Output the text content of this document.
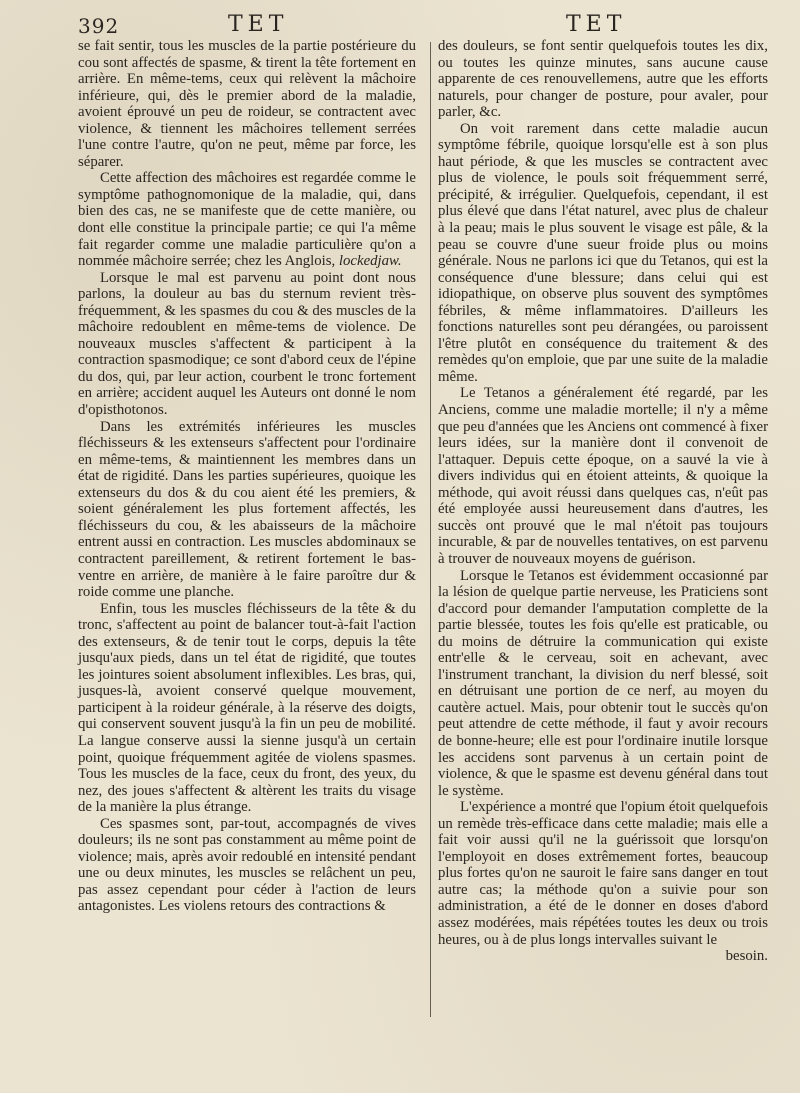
392	TET	TET

se fait sentir, tous les muscles de la partie postérieure du cou sont affectés de spasme, & tirent la tête fortement en arrière. En même-tems, ceux qui relèvent la mâchoire inférieure, qui, dès le premier abord de la maladie, avoient éprouvé un peu de roideur, se contractent avec violence, & tiennent les mâchoires tellement serrées l'une contre l'autre, qu'on ne peut, même par force, les séparer.

Cette affection des mâchoires est regardée comme le symptôme pathognomonique de la maladie, qui, dans bien des cas, ne se manifeste que de cette manière, ou dont elle constitue la principale partie; ce qui l'a même fait regarder comme une maladie particulière qu'on a nommée mâchoire serrée; chez les Anglois, lockedjaw.

Lorsque le mal est parvenu au point dont nous parlons, la douleur au bas du sternum revient très-fréquemment, & les spasmes du cou & des muscles de la mâchoire redoublent en même-tems de violence. De nouveaux muscles s'affectent & participent à la contraction spasmodique; ce sont d'abord ceux de l'épine du dos, qui, par leur action, courbent le tronc fortement en arrière; accident auquel les Auteurs ont donné le nom d'opisthotonos.

Dans les extrémités inférieures les muscles fléchisseurs & les extenseurs s'affectent pour l'ordinaire en même-tems, & maintiennent les membres dans un état de rigidité. Dans les parties supérieures, quoique les extenseurs du dos & du cou aient été les premiers, & soient généralement les plus fortement affectés, les fléchisseurs du cou, & les abaisseurs de la mâchoire entrent aussi en contraction. Les muscles abdominaux se contractent pareillement, & retirent fortement le bas-ventre en arrière, de manière à le faire paroître dur & roide comme une planche.

Enfin, tous les muscles fléchisseurs de la tête & du tronc, s'affectent au point de balancer tout-à-fait l'action des extenseurs, & de tenir tout le corps, depuis la tête jusqu'aux pieds, dans un tel état de rigidité, que toutes les jointures soient absolument inflexibles. Les bras, qui, jusques-là, avoient conservé quelque mouvement, participent à la roideur générale, à la réserve des doigts, qui conservent souvent jusqu'à la fin un peu de mobilité. La langue conserve aussi la sienne jusqu'à un certain point, quoique fréquemment agitée de violens spasmes. Tous les muscles de la face, ceux du front, des yeux, du nez, des joues s'affectent & altèrent les traits du visage de la manière la plus étrange.

Ces spasmes sont, par-tout, accompagnés de vives douleurs; ils ne sont pas constamment au même point de violence; mais, après avoir redoublé en intensité pendant une ou deux minutes, les muscles se relâchent un peu, pas assez cependant pour céder à l'action de leurs antagonistes. Les violens retours des contractions &

des douleurs, se font sentir quelquefois toutes les dix, ou toutes les quinze minutes, sans aucune cause apparente de ces renouvellemens, autre que les efforts naturels, pour changer de posture, pour avaler, pour parler, &c.

On voit rarement dans cette maladie aucun symptôme fébrile, quoique lorsqu'elle est à son plus haut période, & que les muscles se contractent avec plus de violence, le pouls soit fréquemment serré, précipité, & irrégulier. Quelquefois, cependant, il est plus élevé que dans l'état naturel, avec plus de chaleur à la peau; mais le plus souvent le visage est pâle, & la peau se couvre d'une sueur froide plus ou moins générale. Nous ne parlons ici que du Tetanos, qui est la conséquence d'une blessure; dans celui qui est idiopathique, on observe plus souvent des symptômes fébriles, & même inflammatoires. D'ailleurs les fonctions naturelles sont peu dérangées, ou paroissent l'être plutôt en conséquence du traitement & des remèdes qu'on emploie, que par une suite de la maladie même.

Le Tetanos a généralement été regardé, par les Anciens, comme une maladie mortelle; il n'y a même que peu d'années que les Anciens ont commencé à fixer leurs idées, sur la manière dont il convenoit de l'attaquer. Depuis cette époque, on a sauvé la vie à divers individus qui en étoient atteints, & quoique la méthode, qui avoit réussi dans quelques cas, n'eût pas été employée aussi heureusement dans d'autres, les succès ont prouvé que le mal n'étoit pas toujours incurable, & par de nouvelles tentatives, on est parvenu à trouver de nouveaux moyens de guérison.

Lorsque le Tetanos est évidemment occasionné par la lésion de quelque partie nerveuse, les Praticiens sont d'accord pour demander l'amputation complette de la partie blessée, toutes les fois qu'elle est praticable, ou du moins de détruire la communication qui existe entr'elle & le cerveau, soit en achevant, avec l'instrument tranchant, la division du nerf blessé, soit en détruisant une portion de ce nerf, au moyen du cautère actuel. Mais, pour obtenir tout le succès qu'on peut attendre de cette méthode, il faut y avoir recours de bonne-heure; elle est pour l'ordinaire inutile lorsque les accidens sont parvenus à un certain point de violence, & que le spasme est devenu général dans tout le système.

L'expérience a montré que l'opium étoit quelquefois un remède très-efficace dans cette maladie; mais elle a fait voir aussi qu'il ne la guérissoit que lorsqu'on l'employoit en doses extrêmement fortes, beaucoup plus fortes qu'on ne sauroit le faire sans danger en tout autre cas; la méthode qu'on a suivie pour son administration, a été de le donner en doses d'abord assez modérées, mais répétées toutes les deux ou trois heures, ou à de plus longs intervalles suivant le

besoin.
